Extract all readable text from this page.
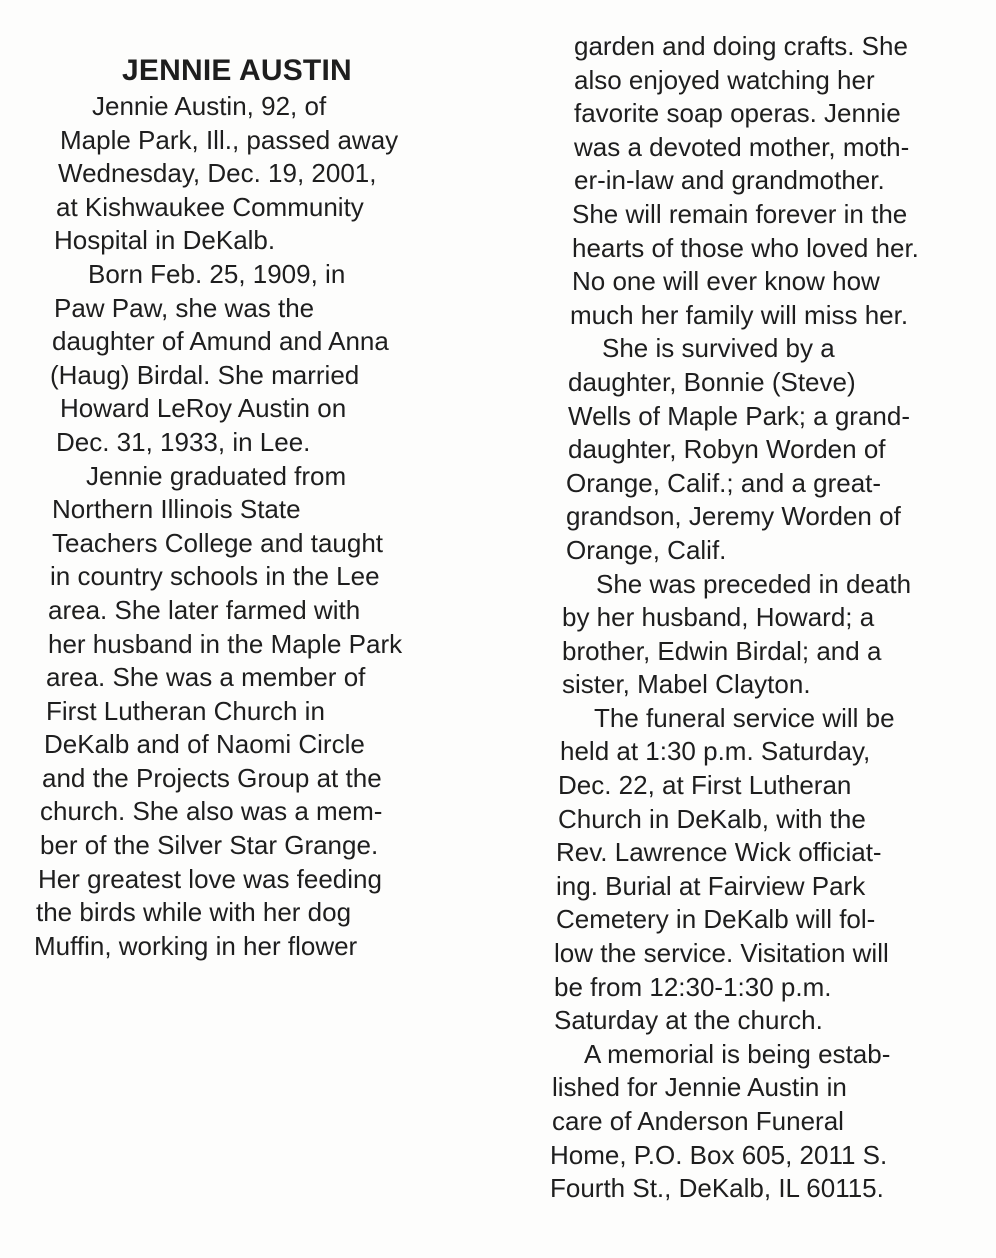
JENNIE AUSTIN
Jennie Austin, 92, of
Maple Park, Ill., passed away
Wednesday, Dec. 19, 2001,
at Kishwaukee Community
Hospital in DeKalb.
Born Feb. 25, 1909, in
Paw Paw, she was the
daughter of Amund and Anna
(Haug) Birdal. She married
Howard LeRoy Austin on
Dec. 31, 1933, in Lee.
Jennie graduated from
Northern Illinois State
Teachers College and taught
in country schools in the Lee
area. She later farmed with
her husband in the Maple Park
area. She was a member of
First Lutheran Church in
DeKalb and of Naomi Circle
and the Projects Group at the
church. She also was a mem-
ber of the Silver Star Grange.
Her greatest love was feeding
the birds while with her dog
Muffin, working in her flower
garden and doing crafts. She
also enjoyed watching her
favorite soap operas. Jennie
was a devoted mother, moth-
er-in-law and grandmother.
She will remain forever in the
hearts of those who loved her.
No one will ever know how
much her family will miss her.
She is survived by a
daughter, Bonnie (Steve)
Wells of Maple Park; a grand-
daughter, Robyn Worden of
Orange, Calif.; and a great-
grandson, Jeremy Worden of
Orange, Calif.
She was preceded in death
by her husband, Howard; a
brother, Edwin Birdal; and a
sister, Mabel Clayton.
The funeral service will be
held at 1:30 p.m. Saturday,
Dec. 22, at First Lutheran
Church in DeKalb, with the
Rev. Lawrence Wick officiat-
ing. Burial at Fairview Park
Cemetery in DeKalb will fol-
low the service. Visitation will
be from 12:30-1:30 p.m.
Saturday at the church.
A memorial is being estab-
lished for Jennie Austin in
care of Anderson Funeral
Home, P.O. Box 605, 2011 S.
Fourth St., DeKalb, IL 60115.
